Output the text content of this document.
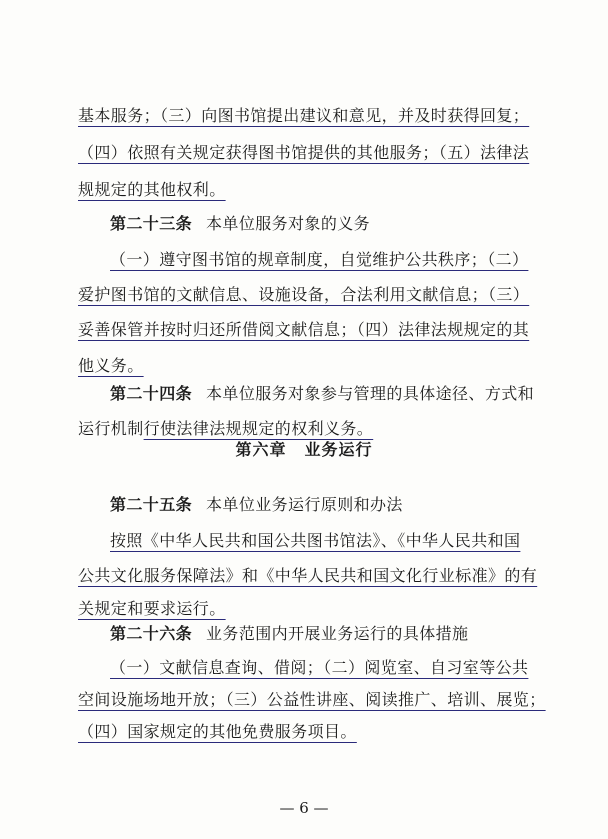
基本服务；（三）向图书馆提出建议和意见，并及时获得回复；
（四）依照有关规定获得图书馆提供的其他服务；（五）法律法
规规定的其他权利。
第二十三条 本单位服务对象的义务
（一）遵守图书馆的规章制度，自觉维护公共秩序；（二）
爱护图书馆的文献信息、设施设备，合法利用文献信息；（三）
妥善保管并按时归还所借阅文献信息；（四）法律法规规定的其
他义务。
第二十四条 本单位服务对象参与管理的具体途径、方式和
运行机制行使法律法规规定的权利义务。
第六章 业务运行
第二十五条 本单位业务运行原则和办法
按照《中华人民共和国公共图书馆法》、《中华人民共和国
公共文化服务保障法》和《中华人民共和国文化行业标准》的有
关规定和要求运行。
第二十六条 业务范围内开展业务运行的具体措施
（一）文献信息查询、借阅；（二）阅览室、自习室等公共
空间设施场地开放；（三）公益性讲座、阅读推广、培训、展览；
— 6 —
（四）国家规定的其他免费服务项目。
